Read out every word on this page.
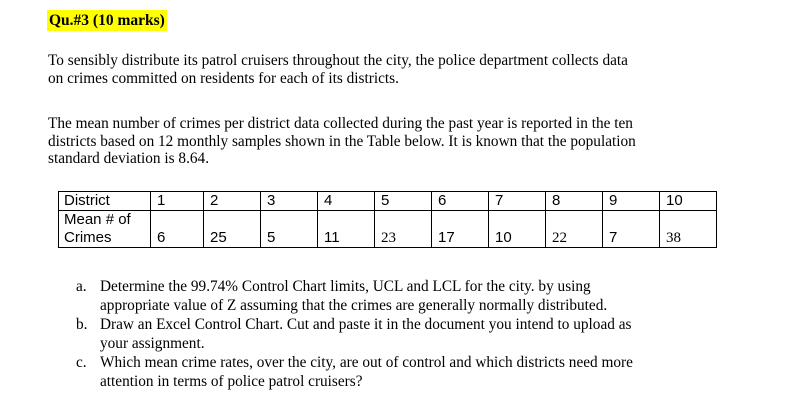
Qu.#3 (10 marks)

To sensibly distribute its patrol cruisers throughout the city, the police department collects data
on crimes committed on residents for each of its districts.

The mean number of crimes per district data collected during the past year is reported in the ten
districts based on 12 monthly samples shown in the Table below. It is known that the population
standard deviation is 8.64.

District	1	2	3	4	5	6	7	8	9	10

Mean # of
Crimes	6	25	5	11	23	17	10	22	7	38
a. Determine the 99.74% Control Chart limits, UCL and LCL for the city. by using
appropriate value of Z assuming that the crimes are generally normally distributed.
b. Draw an Excel Control Chart. Cut and paste it in the document you intend to upload as
your assignment.
c. Which mean crime rates, over the city, are out of control and which districts need more
attention in terms of police patrol cruisers?
